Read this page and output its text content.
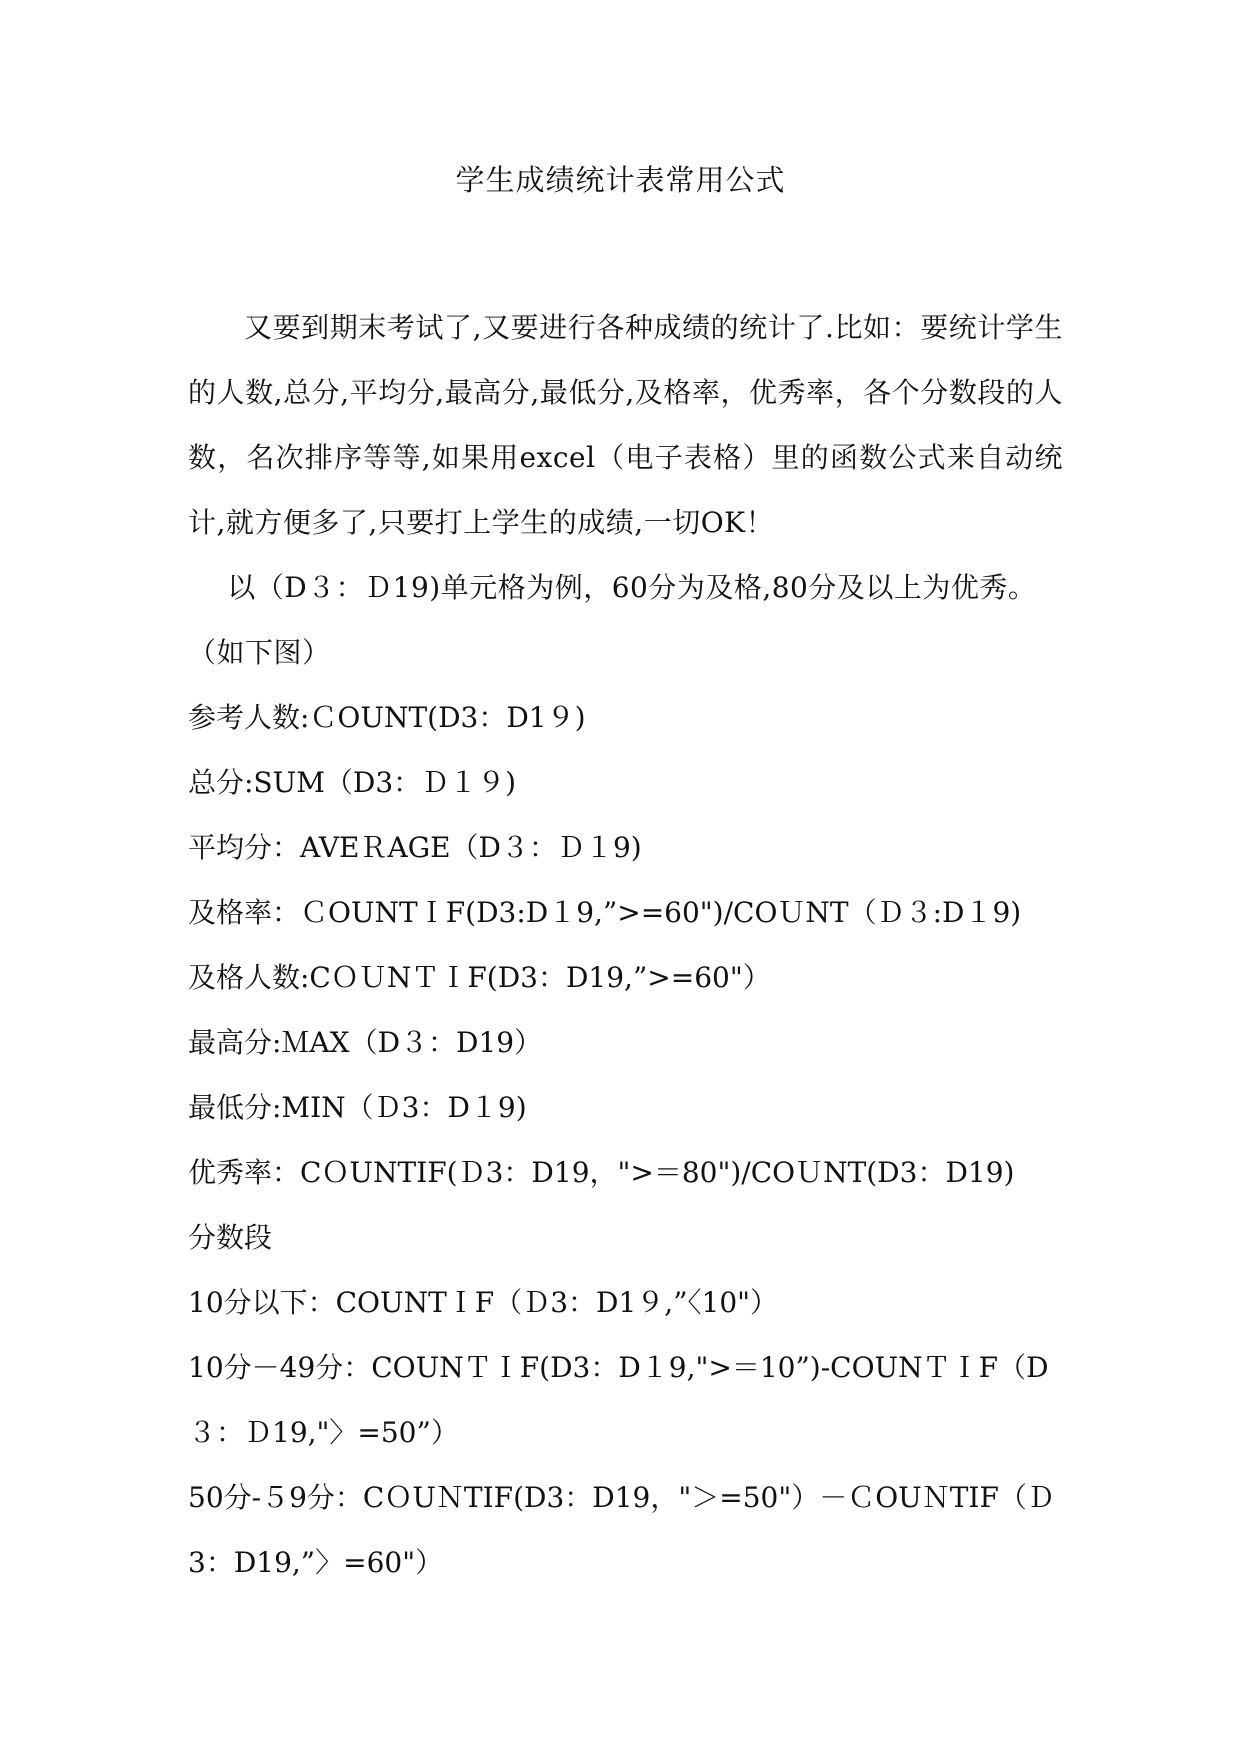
学生成绩统计表常用公式

又要到期末考试了,又要进行各种成绩的统计了.比如：要统计学生的人数,总分,平均分,最高分,最低分,及格率，优秀率，各个分数段的人数，名次排序等等,如果用excel（电子表格）里的函数公式来自动统计,就方便多了,只要打上学生的成绩,一切OK！

以（D３：Ｄ19)单元格为例，60分为及格,80分及以上为优秀。（如下图）

参考人数:ＣOUNT(D3：D1９)

总分:SUM（D3：Ｄ１９)

平均分：AVEＲAGE（D３：Ｄ１9)

及格率：ＣOUNTＩF(D3:D１9,”>=60")/COＵNT（Ｄ３:D１9)

及格人数:CＯＵNＴＩF(D3：D19,”>=60"）

最高分:ＭAX（D３：D19）

最低分:MIN（Ｄ3：D１9)

优秀率：CＯUNTIF(Ｄ3：D19，">＝80")/COＵNT(D3：D19)

分数段

10分以下：COUNTＩF（Ｄ3：D1９,”〈10"）

10分－49分：COUNＴＩF(D3：D１9,">＝10”)-COUNＴＩF（D３：Ｄ19,"〉=50”）

50分-５9分：CＯUＮTIF(D3：D19，"＞=50"）－ＣOUＮTIF（Ｄ3：D19,”〉=60"）
